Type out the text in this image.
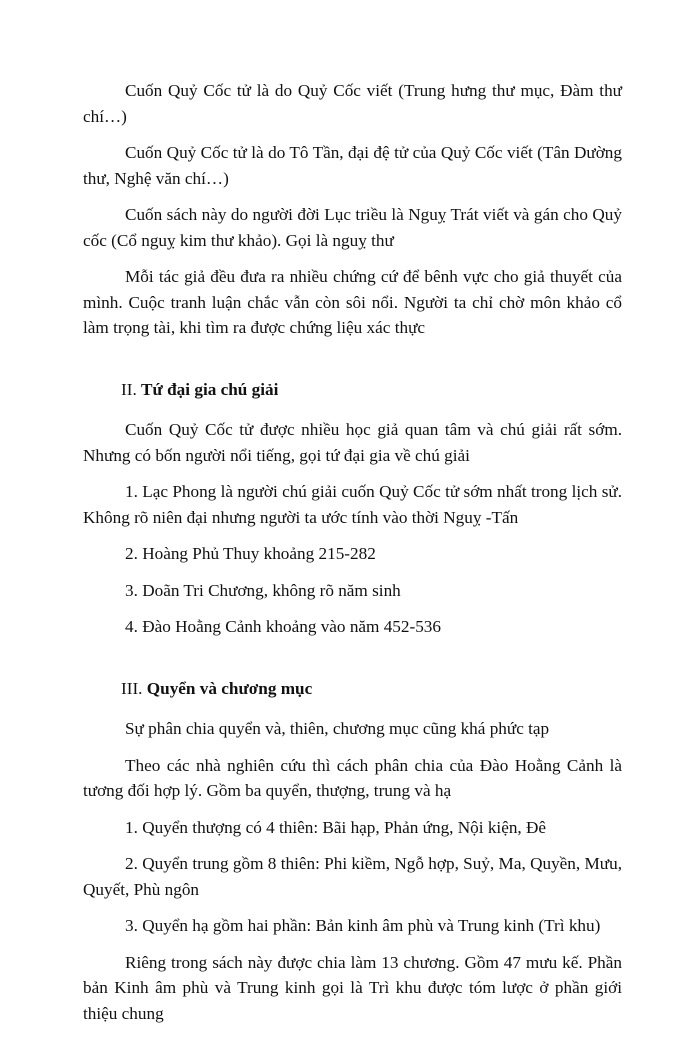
Cuốn Quỷ Cốc tử là do Quỷ Cốc viết (Trung hưng thư mục, Đàm thư chí…)

Cuốn Quỷ Cốc tử là do Tô Tần, đại đệ tử của Quỷ Cốc viết (Tân Dường thư, Nghệ văn chí…)

Cuốn sách này do người đời Lục triều là Nguỵ Trát viết và gán cho Quỷ cốc (Cổ nguỵ kim thư khảo). Gọi là nguỵ thư

Mỗi tác giả đều đưa ra nhiều chứng cứ để bênh vực cho giả thuyết của mình. Cuộc tranh luận chắc vẫn còn sôi nổi. Người ta chỉ chờ môn khảo cổ làm trọng tài, khi tìm ra được chứng liệu xác thực

II. Tứ đại gia chú giải

Cuốn Quỷ Cốc tử được nhiều học giả quan tâm và chú giải rất sớm. Nhưng có bốn người nổi tiếng, gọi tứ đại gia về chú giải

1. Lạc Phong là người chú giải cuốn Quỷ Cốc tử sớm nhất trong lịch sử. Không rõ niên đại nhưng người ta ước tính vào thời Nguỵ -Tấn

2. Hoàng Phủ Thuy khoảng 215-282

3. Doãn Tri Chương, không rõ năm sinh

4. Đào Hoằng Cảnh khoảng vào năm 452-536

III. Quyển và chương mục

Sự phân chia quyển và, thiên, chương mục cũng khá phức tạp

Theo các nhà nghiên cứu thì cách phân chia của Đào Hoằng Cảnh là tương đối hợp lý. Gồm ba quyển, thượng, trung và hạ

1. Quyển thượng có 4 thiên: Bãi hạp, Phản ứng, Nội kiện, Đê

2. Quyển trung gồm 8 thiên: Phi kiềm, Ngỗ hợp, Suỷ, Ma, Quyền, Mưu, Quyết, Phù ngôn

3. Quyển hạ gồm hai phần: Bản kinh âm phù và Trung kinh (Trì khu)

Riêng trong sách này được chia làm 13 chương. Gồm 47 mưu kế. Phần bản Kinh âm phù và Trung kinh gọi là Trì khu được tóm lược ở phần giới thiệu chung
